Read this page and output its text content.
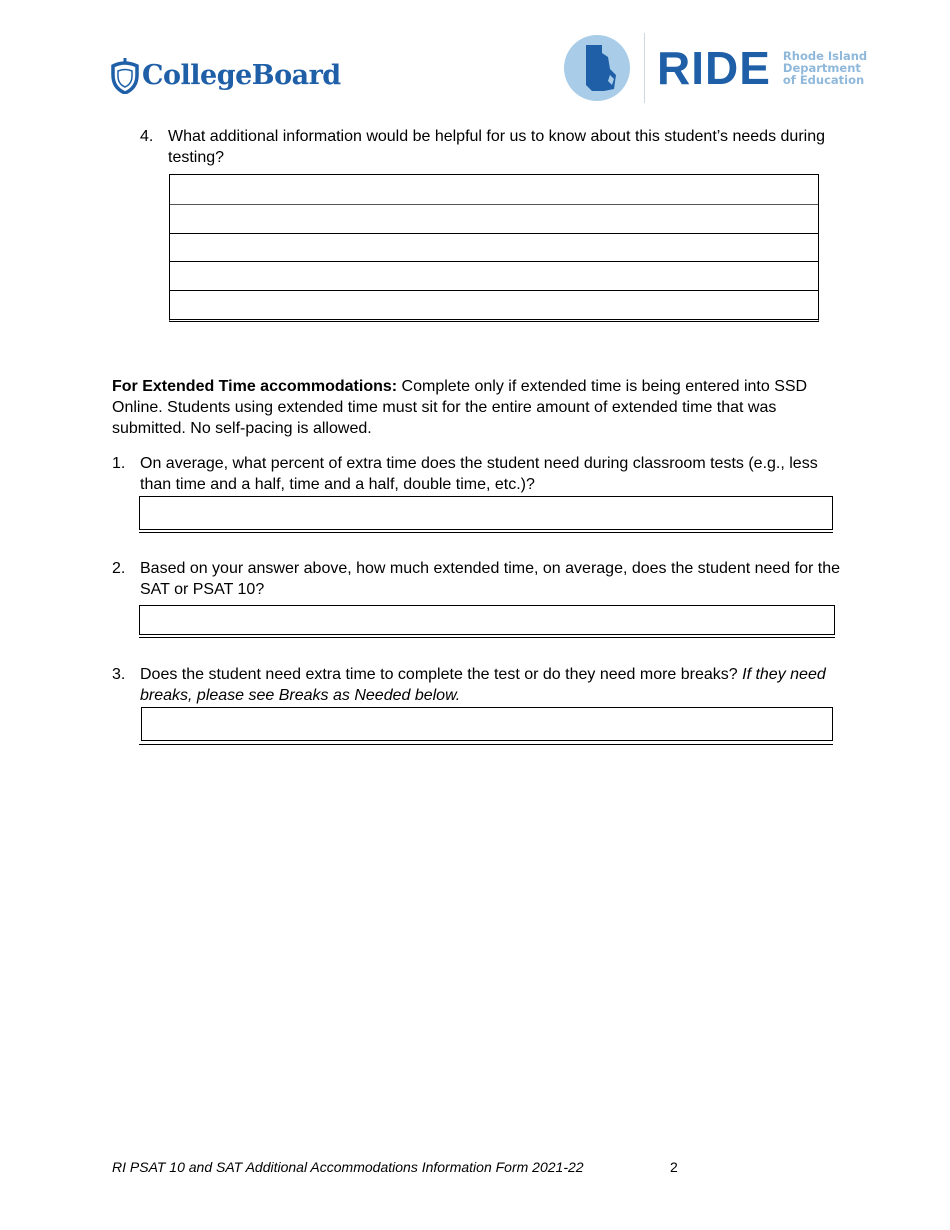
CollegeBoard	RIDE Rhode Island
Department
of Education
4. What additional information would be helpful for us to know about this student’s needs during testing?
For Extended Time accommodations: Complete only if extended time is being entered into SSD Online. Students using extended time must sit for the entire amount of extended time that was submitted. No self-pacing is allowed.
1. On average, what percent of extra time does the student need during classroom tests (e.g., less than time and a half, time and a half, double time, etc.)?
2. Based on your answer above, how much extended time, on average, does the student need for the SAT or PSAT 10?
3. Does the student need extra time to complete the test or do they need more breaks? If they need breaks, please see Breaks as Needed below.
RI PSAT 10 and SAT Additional Accommodations Information Form 2021-22	2
